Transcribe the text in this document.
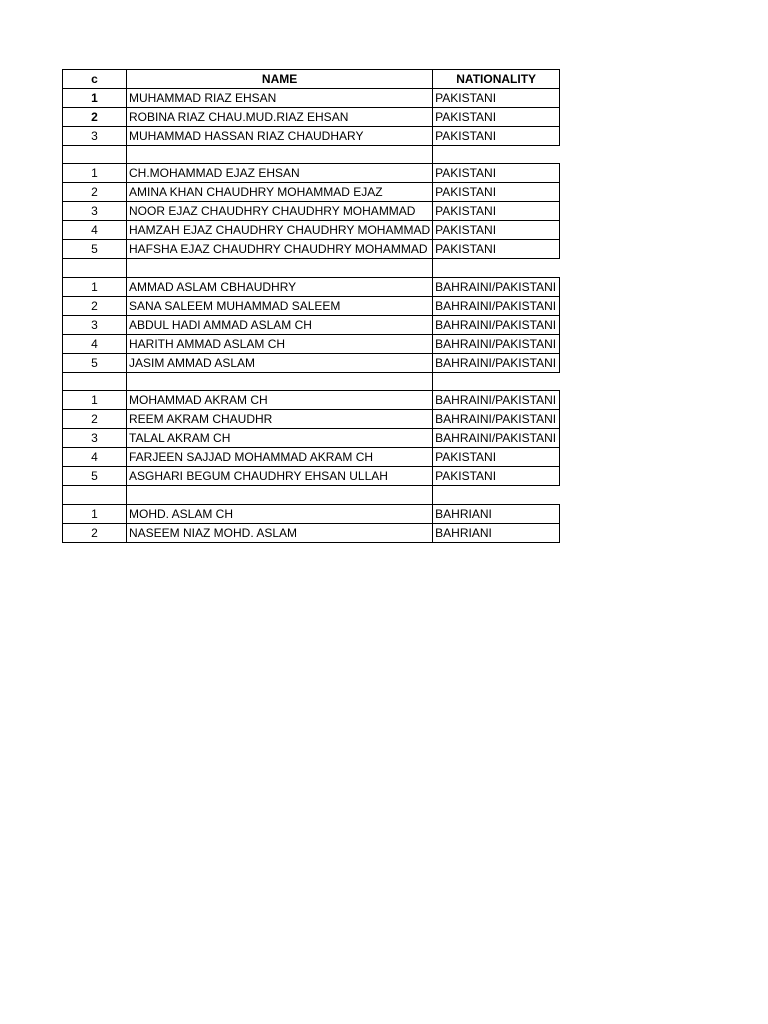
c	NAME	NATIONALITY
1	MUHAMMAD RIAZ EHSAN	PAKISTANI
2	ROBINA RIAZ CHAU.MUD.RIAZ EHSAN	PAKISTANI
3	MUHAMMAD HASSAN RIAZ CHAUDHARY	PAKISTANI

1	CH.MOHAMMAD EJAZ EHSAN	PAKISTANI
2	AMINA KHAN CHAUDHRY MOHAMMAD EJAZ	PAKISTANI
3	NOOR EJAZ CHAUDHRY CHAUDHRY MOHAMMAD	PAKISTANI
4	HAMZAH EJAZ CHAUDHRY CHAUDHRY MOHAMMAD	PAKISTANI
5	HAFSHA EJAZ CHAUDHRY CHAUDHRY MOHAMMAD	PAKISTANI

1	AMMAD ASLAM CBHAUDHRY	BAHRAINI/PAKISTANI
2	SANA SALEEM MUHAMMAD SALEEM	BAHRAINI/PAKISTANI
3	ABDUL HADI AMMAD ASLAM CH	BAHRAINI/PAKISTANI
4	HARITH AMMAD ASLAM CH	BAHRAINI/PAKISTANI
5	JASIM AMMAD ASLAM	BAHRAINI/PAKISTANI

1	MOHAMMAD AKRAM CH	BAHRAINI/PAKISTANI
2	REEM AKRAM CHAUDHR	BAHRAINI/PAKISTANI
3	TALAL AKRAM CH	BAHRAINI/PAKISTANI
4	FARJEEN SAJJAD MOHAMMAD AKRAM CH	PAKISTANI
5	ASGHARI BEGUM CHAUDHRY EHSAN ULLAH	PAKISTANI

1	MOHD. ASLAM CH	BAHRIANI
2	NASEEM NIAZ MOHD. ASLAM	BAHRIANI
